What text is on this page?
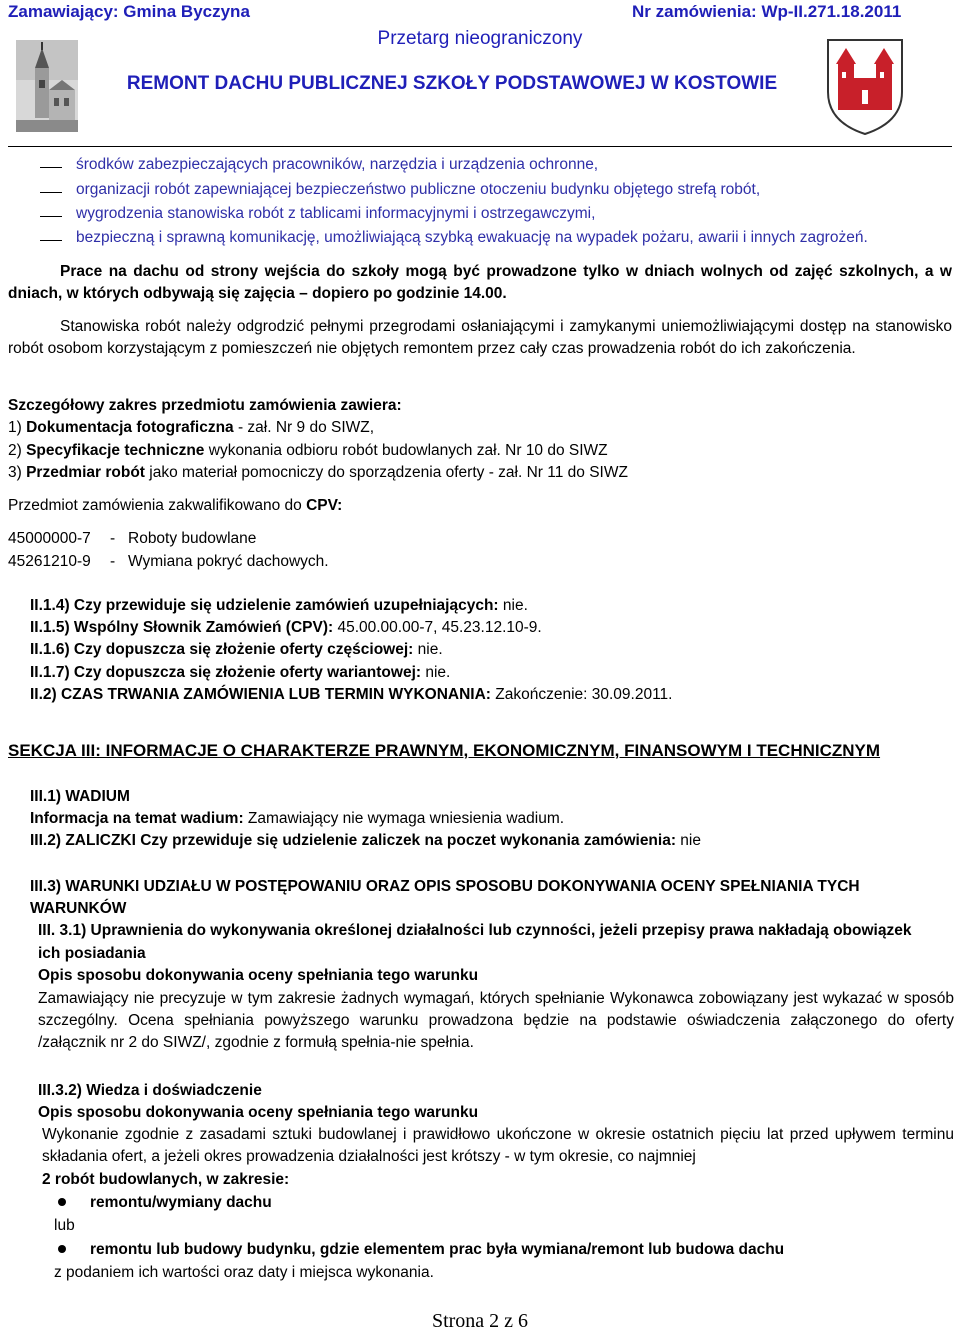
Zamawiający: Gmina Byczyna	Nr zamówienia: Wp-II.271.18.2011
Przetarg nieograniczony
REMONT DACHU PUBLICZNEJ SZKOŁY PODSTAWOWEJ W KOSTOWIE
środków zabezpieczających pracowników, narzędzia i urządzenia ochronne,
organizacji robót zapewniającej bezpieczeństwo publiczne otoczeniu budynku objętego strefą robót,
wygrodzenia stanowiska robót z tablicami informacyjnymi i ostrzegawczymi,
bezpieczną i sprawną komunikację, umożliwiającą szybką ewakuację na wypadek pożaru, awarii i innych zagrożeń.
Prace na dachu od strony wejścia do szkoły mogą być prowadzone tylko w dniach wolnych od zajęć szkolnych, a w dniach, w których odbywają się zajęcia – dopiero po godzinie 14.00.
Stanowiska robót należy odgrodzić pełnymi przegrodami osłaniającymi i zamykanymi uniemożliwiającymi dostęp na stanowisko robót osobom korzystającym z pomieszczeń nie objętych remontem przez cały czas prowadzenia robót do ich zakończenia.
Szczegółowy zakres przedmiotu zamówienia zawiera:
1) Dokumentacja fotograficzna - zał. Nr 9 do SIWZ,
2) Specyfikacje techniczne wykonania odbioru robót budowlanych zał. Nr 10 do SIWZ
3) Przedmiar robót jako materiał pomocniczy do sporządzenia oferty - zał. Nr 11 do SIWZ
Przedmiot zamówienia zakwalifikowano do CPV:
45000000-7 - Roboty budowlane
45261210-9 - Wymiana pokryć dachowych.
II.1.4) Czy przewiduje się udzielenie zamówień uzupełniających: nie.
II.1.5) Wspólny Słownik Zamówień (CPV): 45.00.00.00-7, 45.23.12.10-9.
II.1.6) Czy dopuszcza się złożenie oferty częściowej: nie.
II.1.7) Czy dopuszcza się złożenie oferty wariantowej: nie.
II.2) CZAS TRWANIA ZAMÓWIENIA LUB TERMIN WYKONANIA: Zakończenie: 30.09.2011.
SEKCJA III: INFORMACJE O CHARAKTERZE PRAWNYM, EKONOMICZNYM, FINANSOWYM I TECHNICZNYM
III.1) WADIUM
Informacja na temat wadium: Zamawiający nie wymaga wniesienia wadium.
III.2) ZALICZKI Czy przewiduje się udzielenie zaliczek na poczet wykonania zamówienia: nie
III.3) WARUNKI UDZIAŁU W POSTĘPOWANIU ORAZ OPIS SPOSOBU DOKONYWANIA OCENY SPEŁNIANIA TYCH
WARUNKÓW
III. 3.1) Uprawnienia do wykonywania określonej działalności lub czynności, jeżeli przepisy prawa nakładają obowiązek
ich posiadania
Opis sposobu dokonywania oceny spełniania tego warunku
Zamawiający nie precyzuje w tym zakresie żadnych wymagań, których spełnianie Wykonawca zobowiązany jest wykazać w sposób szczególny. Ocena spełniania powyższego warunku prowadzona będzie na podstawie oświadczenia załączonego do oferty /załącznik nr 2 do SIWZ/, zgodnie z formułą spełnia-nie spełnia.
III.3.2) Wiedza i doświadczenie
Opis sposobu dokonywania oceny spełniania tego warunku
Wykonanie zgodnie z zasadami sztuki budowlanej i prawidłowo ukończone w okresie ostatnich pięciu lat przed upływem terminu składania ofert, a jeżeli okres prowadzenia działalności jest krótszy - w tym okresie, co najmniej
2 robót budowlanych, w zakresie:
remontu/wymiany dachu
lub
remontu lub budowy budynku, gdzie elementem prac była wymiana/remont lub budowa dachu
z podaniem ich wartości oraz daty i miejsca wykonania.
Strona 2 z 6
